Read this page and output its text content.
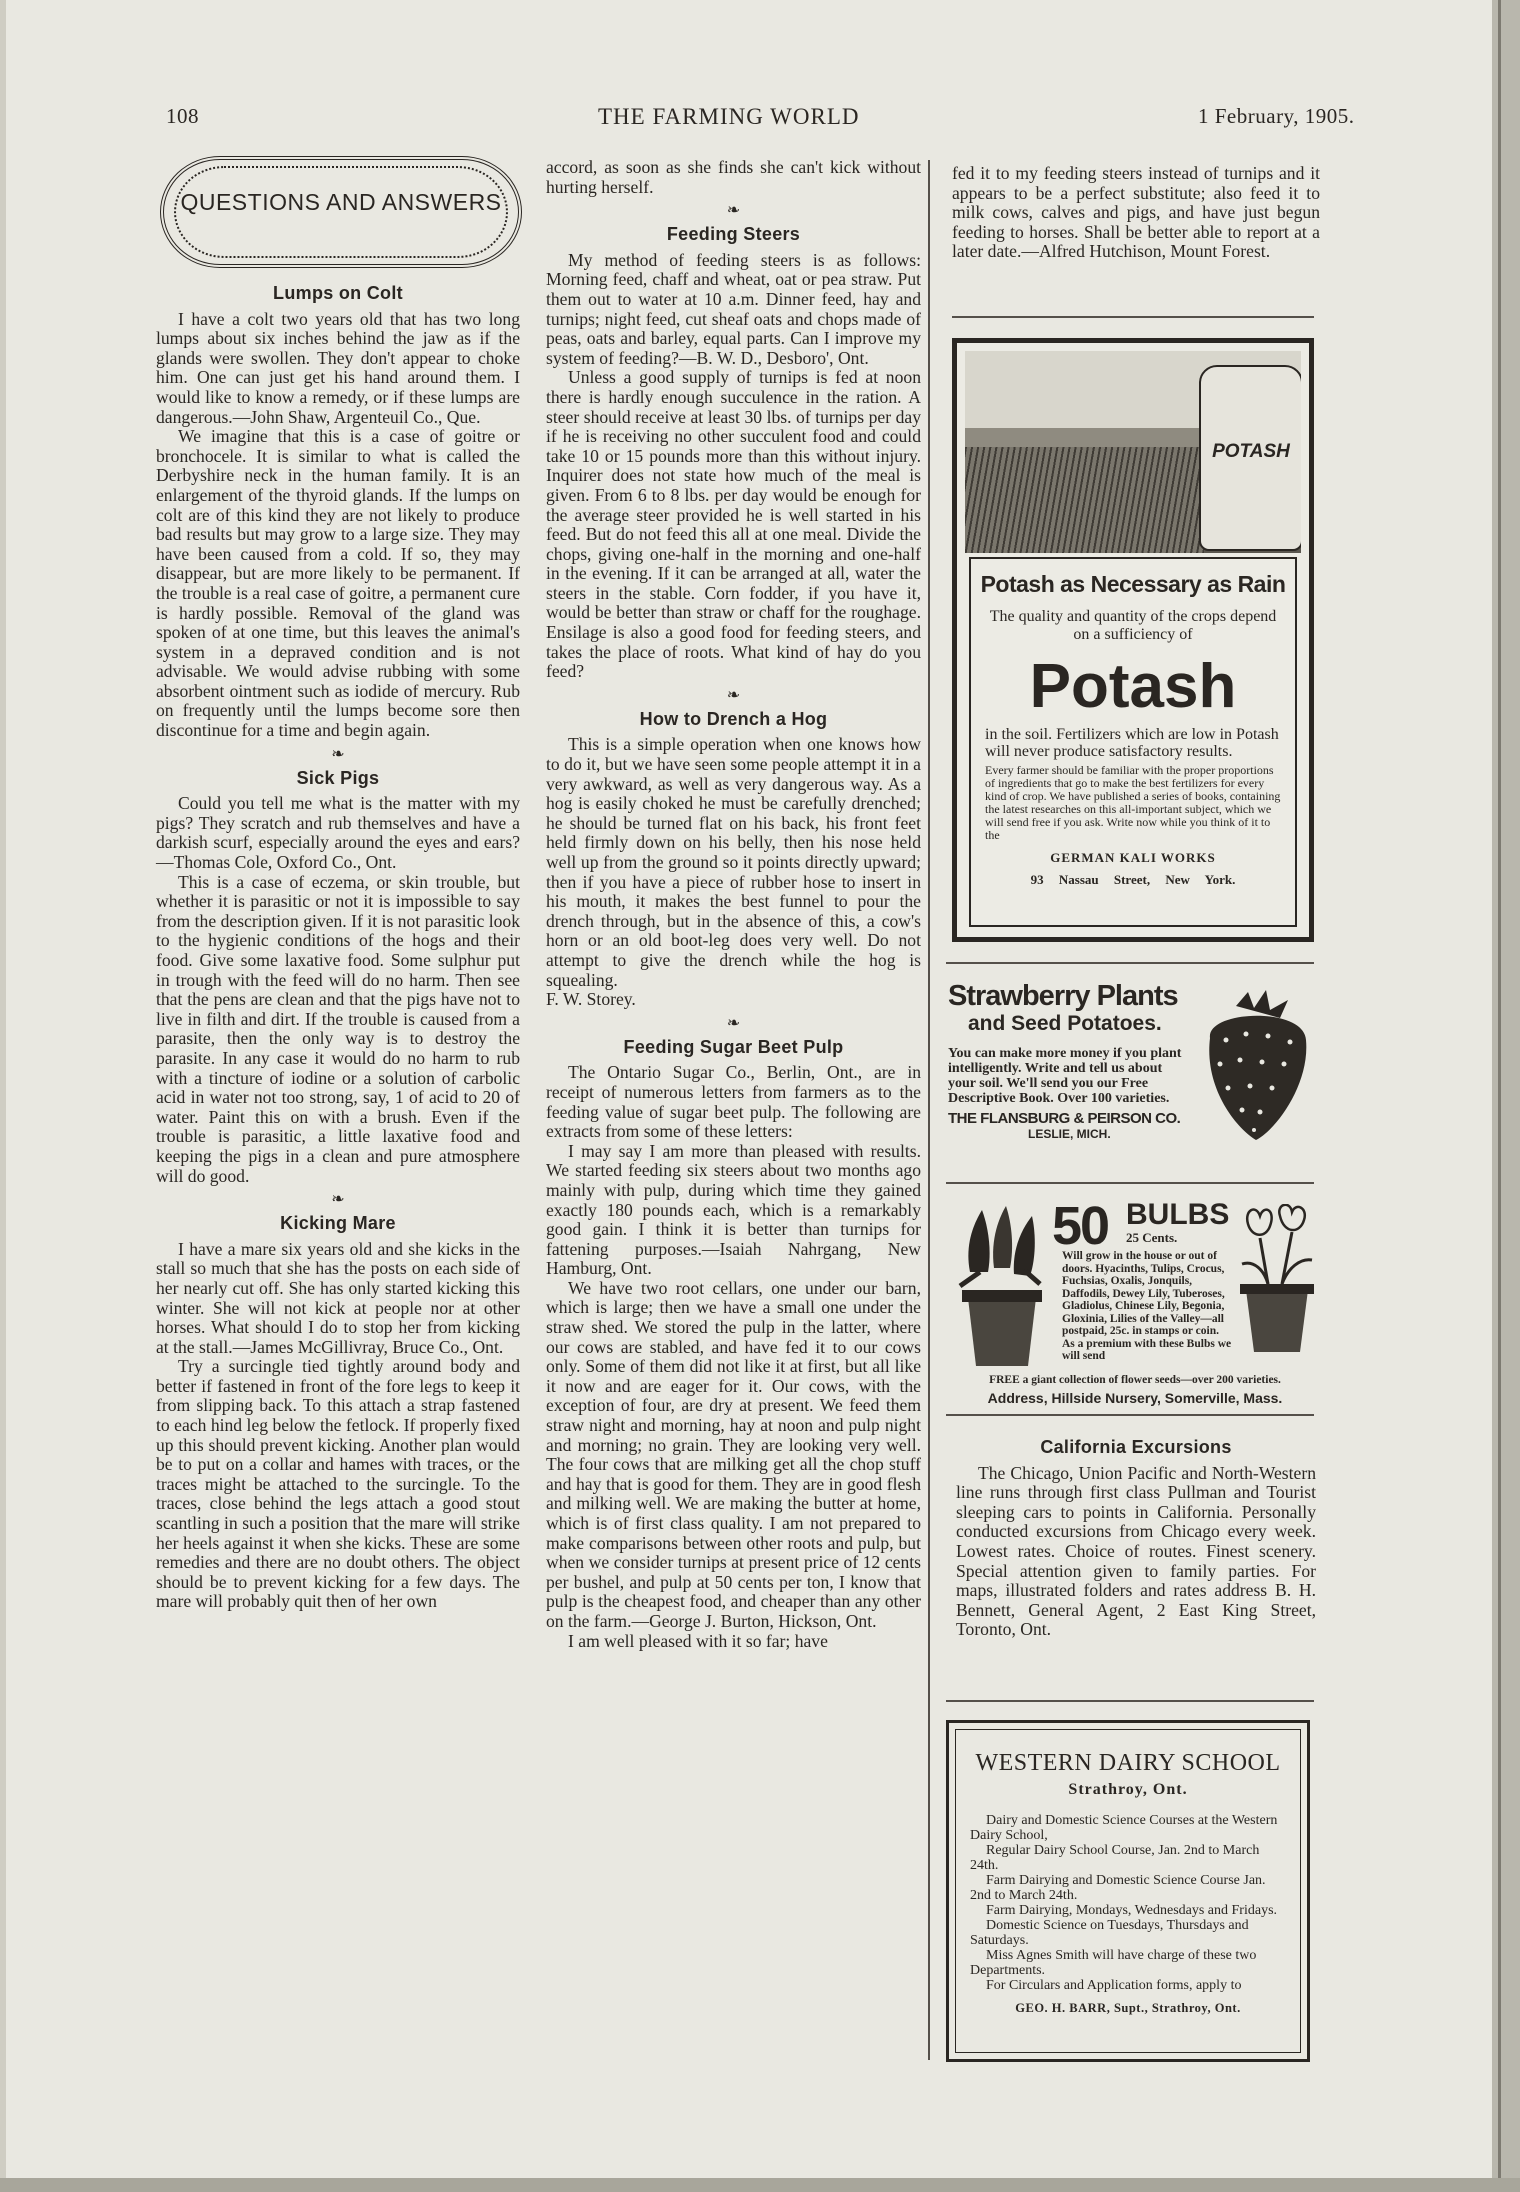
108	THE FARMING WORLD	1 February, 1905.
QUESTIONS AND ANSWERS
Lumps on Colt

I have a colt two years old that has two long lumps about six inches behind the jaw as if the glands were swollen. They don't appear to choke him. One can just get his hand around them. I would like to know a remedy, or if these lumps are dangerous.—John Shaw, Argenteuil Co., Que.

We imagine that this is a case of goitre or bronchocele. It is similar to what is called the Derbyshire neck in the human family. It is an enlargement of the thyroid glands. If the lumps on colt are of this kind they are not likely to produce bad results but may grow to a large size. They may have been caused from a cold. If so, they may disappear, but are more likely to be permanent. If the trouble is a real case of goitre, a permanent cure is hardly possible. Removal of the gland was spoken of at one time, but this leaves the animal's system in a depraved condition and is not advisable. We would advise rubbing with some absorbent ointment such as iodide of mercury. Rub on frequently until the lumps become sore then discontinue for a time and begin again.

❧
Sick Pigs

Could you tell me what is the matter with my pigs? They scratch and rub themselves and have a darkish scurf, especially around the eyes and ears?—Thomas Cole, Oxford Co., Ont.

This is a case of eczema, or skin trouble, but whether it is parasitic or not it is impossible to say from the description given. If it is not parasitic look to the hygienic conditions of the hogs and their food. Give some laxative food. Some sulphur put in trough with the feed will do no harm. Then see that the pens are clean and that the pigs have not to live in filth and dirt. If the trouble is caused from a parasite, then the only way is to destroy the parasite. In any case it would do no harm to rub with a tincture of iodine or a solution of carbolic acid in water not too strong, say, 1 of acid to 20 of water. Paint this on with a brush. Even if the trouble is parasitic, a little laxative food and keeping the pigs in a clean and pure atmosphere will do good.

❧
Kicking Mare

I have a mare six years old and she kicks in the stall so much that she has the posts on each side of her nearly cut off. She has only started kicking this winter. She will not kick at people nor at other horses. What should I do to stop her from kicking at the stall.—James McGillivray, Bruce Co., Ont.

Try a surcingle tied tightly around body and better if fastened in front of the fore legs to keep it from slipping back. To this attach a strap fastened to each hind leg below the fetlock. If properly fixed up this should prevent kicking. Another plan would be to put on a collar and hames with traces, or the traces might be attached to the surcingle. To the traces, close behind the legs attach a good stout scantling in such a position that the mare will strike her heels against it when she kicks. These are some remedies and there are no doubt others. The object should be to prevent kicking for a few days. The mare will probably quit then of her own

accord, as soon as she finds she can't kick without hurting herself.

❧
Feeding Steers

My method of feeding steers is as follows: Morning feed, chaff and wheat, oat or pea straw. Put them out to water at 10 a.m. Dinner feed, hay and turnips; night feed, cut sheaf oats and chops made of peas, oats and barley, equal parts. Can I improve my system of feeding?—B. W. D., Desboro', Ont.

Unless a good supply of turnips is fed at noon there is hardly enough succulence in the ration. A steer should receive at least 30 lbs. of turnips per day if he is receiving no other succulent food and could take 10 or 15 pounds more than this without injury. Inquirer does not state how much of the meal is given. From 6 to 8 lbs. per day would be enough for the average steer provided he is well started in his feed. But do not feed this all at one meal. Divide the chops, giving one-half in the morning and one-half in the evening. If it can be arranged at all, water the steers in the stable. Corn fodder, if you have it, would be better than straw or chaff for the roughage. Ensilage is also a good food for feeding steers, and takes the place of roots. What kind of hay do you feed?

❧
How to Drench a Hog

This is a simple operation when one knows how to do it, but we have seen some people attempt it in a very awkward, as well as very dangerous way. As a hog is easily choked he must be carefully drenched; he should be turned flat on his back, his front feet held firmly down on his belly, then his nose held well up from the ground so it points directly upward; then if you have a piece of rubber hose to insert in his mouth, it makes the best funnel to pour the drench through, but in the absence of this, a cow's horn or an old boot-leg does very well. Do not attempt to give the drench while the hog is squealing.

F. W. Storey.

❧
Feeding Sugar Beet Pulp

The Ontario Sugar Co., Berlin, Ont., are in receipt of numerous letters from farmers as to the feeding value of sugar beet pulp. The following are extracts from some of these letters:

I may say I am more than pleased with results. We started feeding six steers about two months ago mainly with pulp, during which time they gained exactly 180 pounds each, which is a remarkably good gain. I think it is better than turnips for fattening purposes.—Isaiah Nahrgang, New Hamburg, Ont.

We have two root cellars, one under our barn, which is large; then we have a small one under the straw shed. We stored the pulp in the latter, where our cows are stabled, and have fed it to our cows only. Some of them did not like it at first, but all like it now and are eager for it. Our cows, with the exception of four, are dry at present. We feed them straw night and morning, hay at noon and pulp night and morning; no grain. They are looking very well. The four cows that are milking get all the chop stuff and hay that is good for them. They are in good flesh and milking well. We are making the butter at home, which is of first class quality. I am not prepared to make comparisons between other roots and pulp, but when we consider turnips at present price of 12 cents per bushel, and pulp at 50 cents per ton, I know that pulp is the cheapest food, and cheaper than any other on the farm.—George J. Burton, Hickson, Ont.

I am well pleased with it so far; have

fed it to my feeding steers instead of turnips and it appears to be a perfect substitute; also feed it to milk cows, calves and pigs, and have just begun feeding to horses. Shall be better able to report at a later date.—Alfred Hutchison, Mount Forest.

POTASH
Potash as Necessary as Rain
The quality and quantity of the crops depend on a sufficiency of
Potash
in the soil. Fertilizers which are low in Potash will never produce satisfactory results.
Every farmer should be familiar with the proper proportions of ingredients that go to make the best fertilizers for every kind of crop. We have published a series of books, containing the latest researches on this all-important subject, which we will send free if you ask. Write now while you think of it to the
GERMAN KALI WORKS
93 Nassau Street, New York.
Strawberry Plants
and Seed Potatoes.
You can make more money if you plant intelligently. Write and tell us about your soil. We'll send you our Free Descriptive Book. Over 100 varieties.
THE FLANSBURG & PEIRSON CO.
LESLIE, MICH.
50 BULBS
25 Cents.
Will grow in the house or out of doors. Hyacinths, Tulips, Crocus, Fuchsias, Oxalis, Jonquils, Daffodils, Dewey Lily, Tuberoses, Gladiolus, Chinese Lily, Begonia, Gloxinia, Lilies of the Valley—all postpaid, 25c. in stamps or coin. As a premium with these Bulbs we will send
FREE a giant collection of flower seeds—over 200 varieties.
Address, Hillside Nursery, Somerville, Mass.
California Excursions

The Chicago, Union Pacific and North-Western line runs through first class Pullman and Tourist sleeping cars to points in California. Personally conducted excursions from Chicago every week. Lowest rates. Choice of routes. Finest scenery. Special attention given to family parties. For maps, illustrated folders and rates address B. H. Bennett, General Agent, 2 East King Street, Toronto, Ont.

WESTERN DAIRY SCHOOL
Strathroy, Ont.

Dairy and Domestic Science Courses at the Western Dairy School,

Regular Dairy School Course, Jan. 2nd to March 24th.

Farm Dairying and Domestic Science Course Jan. 2nd to March 24th.

Farm Dairying, Mondays, Wednesdays and Fridays.

Domestic Science on Tuesdays, Thursdays and Saturdays.

Miss Agnes Smith will have charge of these two Departments.

For Circulars and Application forms, apply to

GEO. H. BARR, Supt., Strathroy, Ont.
